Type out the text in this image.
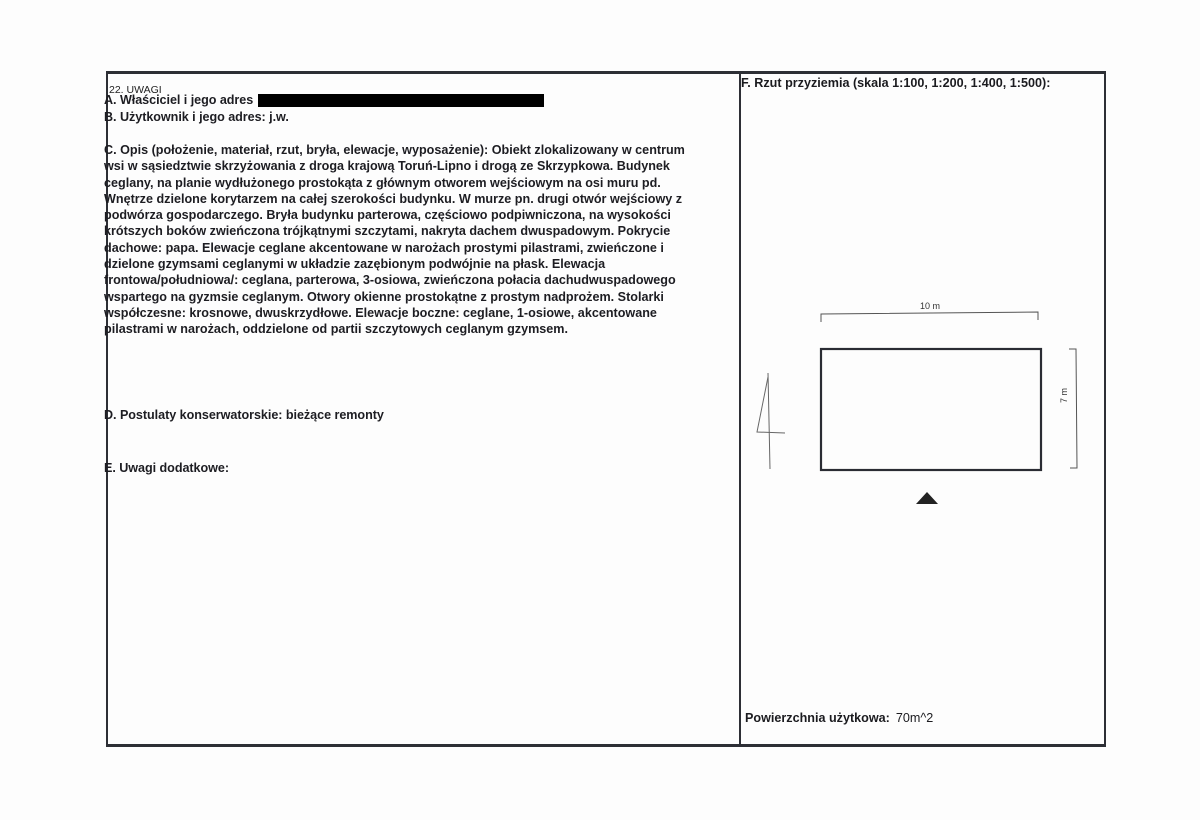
22. UWAGI
A. Właściciel i jego adres
B. Użytkownik i jego adres: j.w.
C. Opis (położenie, materiał, rzut, bryła, elewacje, wyposażenie): Obiekt zlokalizowany w centrum
wsi w sąsiedztwie skrzyżowania z droga krajową Toruń-Lipno i drogą ze Skrzypkowa. Budynek
ceglany, na planie wydłużonego prostokąta z głównym otworem wejściowym na osi muru pd.
Wnętrze dzielone korytarzem na całej szerokości budynku. W murze pn. drugi otwór wejściowy z
podwórza gospodarczego. Bryła budynku parterowa, częściowo podpiwniczona, na wysokości
krótszych boków zwieńczona trójkątnymi szczytami, nakryta dachem dwuspadowym. Pokrycie
dachowe: papa. Elewacje ceglane akcentowane w narożach prostymi pilastrami, zwieńczone i
dzielone gzymsami ceglanymi w układzie zazębionym podwójnie na płask. Elewacja
frontowa/południowa/: ceglana, parterowa, 3-osiowa, zwieńczona połacia dachudwuspadowego
wspartego na gyzmsie ceglanym. Otwory okienne prostokątne z prostym nadprożem. Stolarki
współczesne: krosnowe, dwuskrzydłowe. Elewacje boczne: ceglane, 1-osiowe, akcentowane
pilastrami w narożach, oddzielone od partii szczytowych ceglanym gzymsem.
D. Postulaty konserwatorskie: bieżące remonty
E. Uwagi dodatkowe:
F. Rzut przyziemia (skala 1:100, 1:200, 1:400, 1:500):
10 m
7 m
Powierzchnia użytkowa: 70m^2
